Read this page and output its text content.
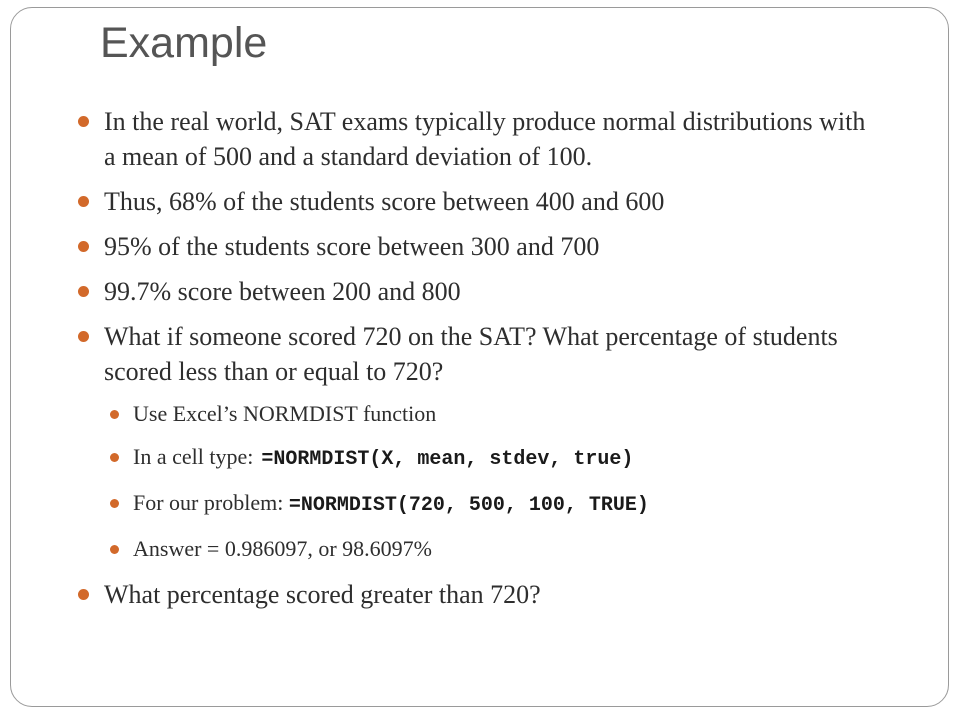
Example
In the real world, SAT exams typically produce normal distributions with a mean of 500 and a standard deviation of 100.
Thus, 68% of the students score between 400 and 600
95% of the students score between 300 and 700
99.7% score between 200 and 800
What if someone scored 720 on the SAT? What percentage of students scored less than or equal to 720?
Use Excel’s NORMDIST function
In a cell type: =NORMDIST(X, mean, stdev, true)
For our problem: =NORMDIST(720, 500, 100, TRUE)
Answer = 0.986097, or 98.6097%
What percentage scored greater than 720?
